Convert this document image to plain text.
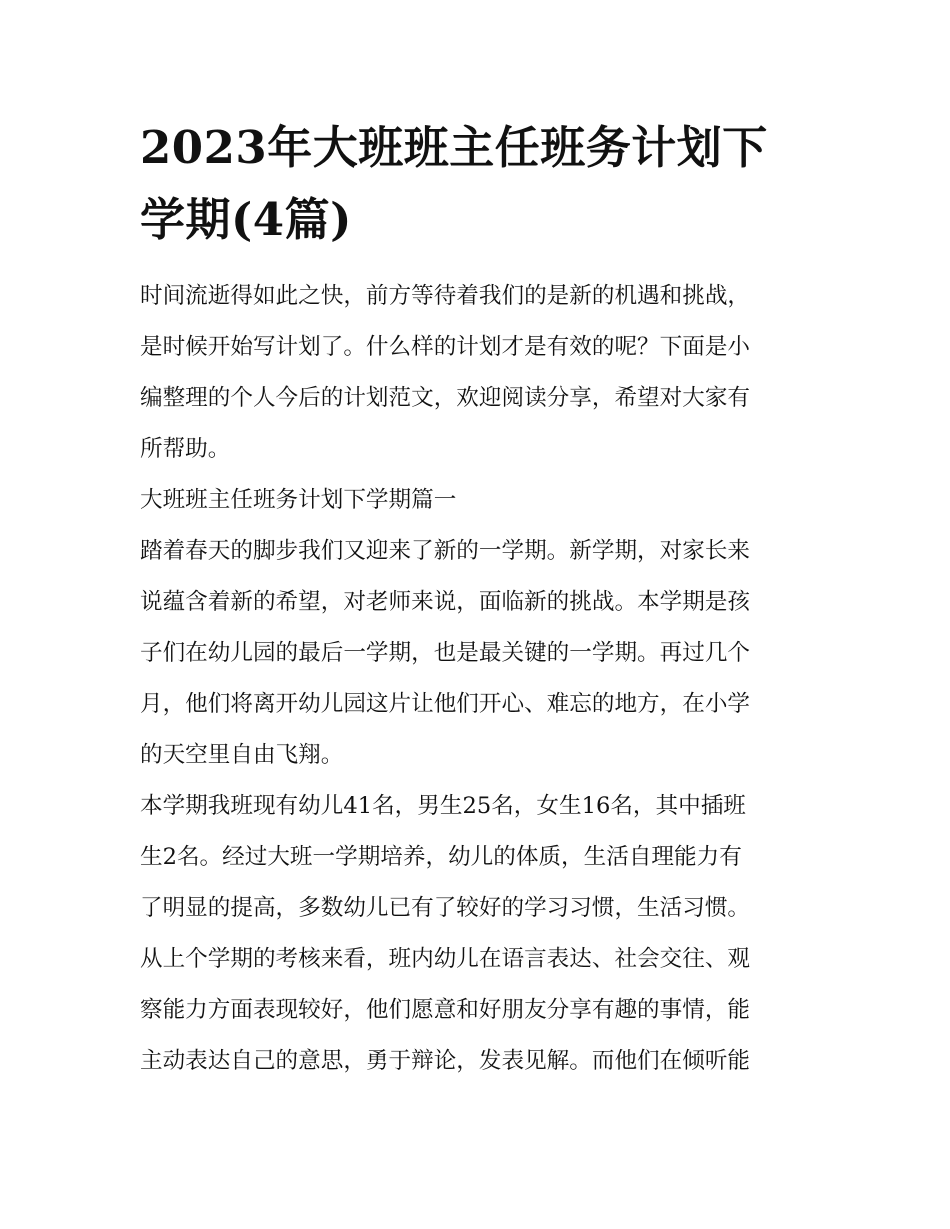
2023年大班班主任班务计划下
学期(4篇)

时间流逝得如此之快，前方等待着我们的是新的机遇和挑战，
是时候开始写计划了。什么样的计划才是有效的呢？下面是小
编整理的个人今后的计划范文，欢迎阅读分享，希望对大家有
所帮助。

大班班主任班务计划下学期篇一

踏着春天的脚步我们又迎来了新的一学期。新学期，对家长来
说蕴含着新的希望，对老师来说，面临新的挑战。本学期是孩
子们在幼儿园的最后一学期，也是最关键的一学期。再过几个
月，他们将离开幼儿园这片让他们开心、难忘的地方，在小学
的天空里自由飞翔。

本学期我班现有幼儿41名，男生25名，女生16名，其中插班
生2名。经过大班一学期培养，幼儿的体质，生活自理能力有
了明显的提高，多数幼儿已有了较好的学习习惯，生活习惯。
从上个学期的考核来看，班内幼儿在语言表达、社会交往、观
察能力方面表现较好，他们愿意和好朋友分享有趣的事情，能
主动表达自己的意思，勇于辩论，发表见解。而他们在倾听能
